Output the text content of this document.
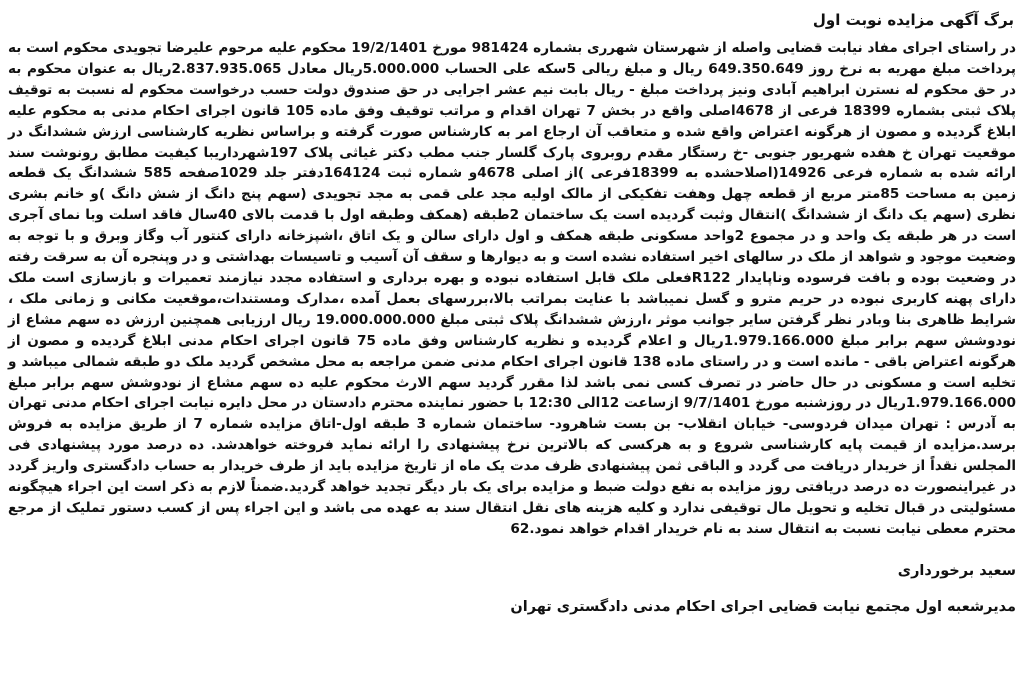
برگ آگهی مزایده نوبت اول

در راستای اجرای مفاد نیابت قضایی واصله از شهرستان شهرری بشماره 981424 مورخ 19/2/1401 محکوم علیه مرحوم علیرضا تجویدی محکوم است به پرداخت مبلغ مهریه به نرخ روز 649.350.649 ریال و مبلغ ریالی 5سکه علی الحساب 5.000.000ریال معادل 2.837.935.065ریال به عنوان محکوم به در حق محکوم له نسترن ابراهیم آبادی ونیز پرداخت مبلغ - ریال بابت نیم عشر اجرایی در حق صندوق دولت حسب درخواست محکوم له نسبت به توقیف پلاک ثبتی بشماره 18399 فرعی از 4678اصلی واقع در بخش 7 تهران اقدام و مراتب توقیف وفق ماده 105 قانون اجرای احکام مدنی به محکوم علیه ابلاغ گردیده و مصون از هرگونه اعتراض واقع شده و متعاقب آن ارجاع امر به کارشناس صورت گرفته و براساس نظریه کارشناسی ارزش ششدانگ در موقعیت تهران خ هفده شهریور جنوبی -خ رستگار مقدم روبروی پارک گلسار جنب مطب دکتر غیاثی پلاک 197شهرداریبا کیفیت مطابق رونوشت سند ارائه شده به شماره فرعی 14926(اصلاحشده به 18399فرعی )از اصلی 4678و شماره ثبت 164124دفتر جلد 1029صفحه 585 ششدانگ یک قطعه زمین به مساحت 85متر مربع از قطعه چهل وهفت تفکیکی از مالک اولیه مجد علی قمی به مجد تجویدی (سهم پنج دانگ از شش دانگ )و خانم بشری نظری (سهم یک دانگ از ششدانگ )انتقال وثبت گردیده است یک ساختمان 2طبقه (همکف وطبقه اول با قدمت بالای 40سال فاقد اسلت وبا نمای آجری است در هر طبقه یک واحد و در مجموع 2واحد مسکونی طبقه همکف و اول دارای سالن و یک اتاق ،اشپزخانه دارای کنتور آب وگاز وبرق و با توجه به وضعیت موجود و شواهد از ملک در سالهای اخیر استفاده نشده است و به دیوارها و سقف آن آسیب و تاسیسات بهداشتی و در وپنجره آن به سرقت رفته در وضعیت بوده و بافت فرسوده وناپایدار R122فعلی ملک قابل استفاده نبوده و بهره برداری و استفاده مجدد نیازمند تعمیرات و بازسازی است ملک دارای پهنه کاربری نبوده در حریم مترو و گسل نمیباشد با عنایت بمراتب بالا،بررسهای بعمل آمده ،مدارک ومستندات،موقعیت مکانی و زمانی ملک ، شرایط ظاهری بنا وبادر نظر گرفتن سایر جوانب موثر ،ارزش ششدانگ پلاک ثبتی مبلغ 19.000.000.000 ریال ارزیابی همچنین ارزش ده سهم مشاع از نودوشش سهم برابر مبلغ 1.979.166.000ریال و اعلام گردیده و نظریه کارشناس وفق ماده 75 قانون اجرای احکام مدنی ابلاغ گردیده و مصون از هرگونه اعتراض باقی - مانده است و در راستای ماده 138 قانون اجرای احکام مدنی ضمن مراجعه به محل مشخص گردید ملک دو طبقه شمالی میباشد و تخلیه است و مسکونی در حال حاضر در تصرف کسی نمی باشد لذا مقرر گردید سهم الارث محکوم علیه ده سهم مشاع از نودوشش سهم برابر مبلغ 1.979.166.000ریال در روزشنبه مورخ 9/7/1401 ازساعت 12الی 12:30 با حضور نماینده محترم دادستان در محل دایره نیابت اجرای احکام مدنی تهران به آدرس : تهران میدان فردوسی- خیابان انقلاب- بن بست شاهرود- ساختمان شماره 3 طبقه اول-اتاق مزایده شماره 7 از طریق مزایده به فروش برسد.مزایده از قیمت پایه کارشناسی شروع و به هرکسی که بالاترین نرخ پیشنهادی را ارائه نماید فروخته خواهدشد. ده درصد مورد پیشنهادی فی المجلس نقداً از خریدار دریافت می گردد و الباقی ثمن پیشنهادی ظرف مدت یک ماه از تاریخ مزایده باید از طرف خریدار به حساب دادگستری واریز گردد در غیراینصورت ده درصد دریافتی روز مزایده به نفع دولت ضبط و مزایده برای یک بار دیگر تجدید خواهد گردید.ضمناً لازم به ذکر است این اجراء هیچگونه مسئولیتی در قبال تخلیه و تحویل مال توقیفی ندارد و کلیه هزینه های نقل انتقال سند به عهده می باشد و این اجراء پس از کسب دستور تملیک از مرجع محترم معطی نیابت نسبت به انتقال سند به نام خریدار اقدام خواهد نمود.62

سعید برخورداری
مدیرشعبه اول مجتمع نیابت قضایی اجرای احکام مدنی دادگستری تهران
